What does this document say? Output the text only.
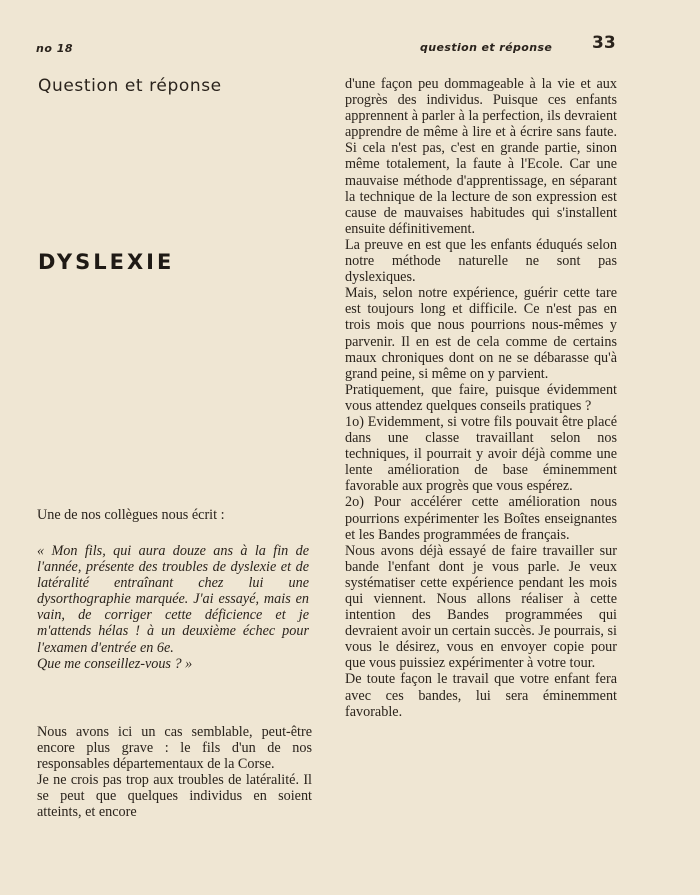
no 18	question et réponse 33
Question et réponse
DYSLEXIE

Une de nos collègues nous écrit :

« Mon fils, qui aura douze ans à la fin de l'année, présente des troubles de dyslexie et de latéralité entraînant chez lui une dysorthographie marquée. J'ai essayé, mais en vain, de corriger cette déficience et je m'attends hélas ! à un deuxième échec pour l'examen d'entrée en 6e.

Que me conseillez-vous ? »

Nous avons ici un cas semblable, peut-être encore plus grave : le fils d'un de nos responsables départementaux de la Corse.

Je ne crois pas trop aux troubles de latéralité. Il se peut que quelques individus en soient atteints, et encore

d'une façon peu dommageable à la vie et aux progrès des individus. Puisque ces enfants apprennent à parler à la perfection, ils devraient apprendre de même à lire et à écrire sans faute. Si cela n'est pas, c'est en grande partie, sinon même totalement, la faute à l'Ecole. Car une mauvaise méthode d'apprentissage, en séparant la technique de la lecture de son expression est cause de mauvaises habitudes qui s'installent ensuite définitivement.

La preuve en est que les enfants éduqués selon notre méthode naturelle ne sont pas dyslexiques.

Mais, selon notre expérience, guérir cette tare est toujours long et difficile. Ce n'est pas en trois mois que nous pourrions nous-mêmes y parvenir. Il en est de cela comme de certains maux chroniques dont on ne se débarasse qu'à grand peine, si même on y parvient.

Pratiquement, que faire, puisque évidemment vous attendez quelques conseils pratiques ?

1o) Evidemment, si votre fils pouvait être placé dans une classe travaillant selon nos techniques, il pourrait y avoir déjà comme une lente amélioration de base éminemment favorable aux progrès que vous espérez.

2o) Pour accélérer cette amélioration nous pourrions expérimenter les Boîtes enseignantes et les Bandes programmées de français.

Nous avons déjà essayé de faire travailler sur bande l'enfant dont je vous parle. Je veux systématiser cette expérience pendant les mois qui viennent. Nous allons réaliser à cette intention des Bandes programmées qui devraient avoir un certain succès. Je pourrais, si vous le désirez, vous en envoyer copie pour que vous puissiez expérimenter à votre tour.

De toute façon le travail que votre enfant fera avec ces bandes, lui sera éminemment favorable.
